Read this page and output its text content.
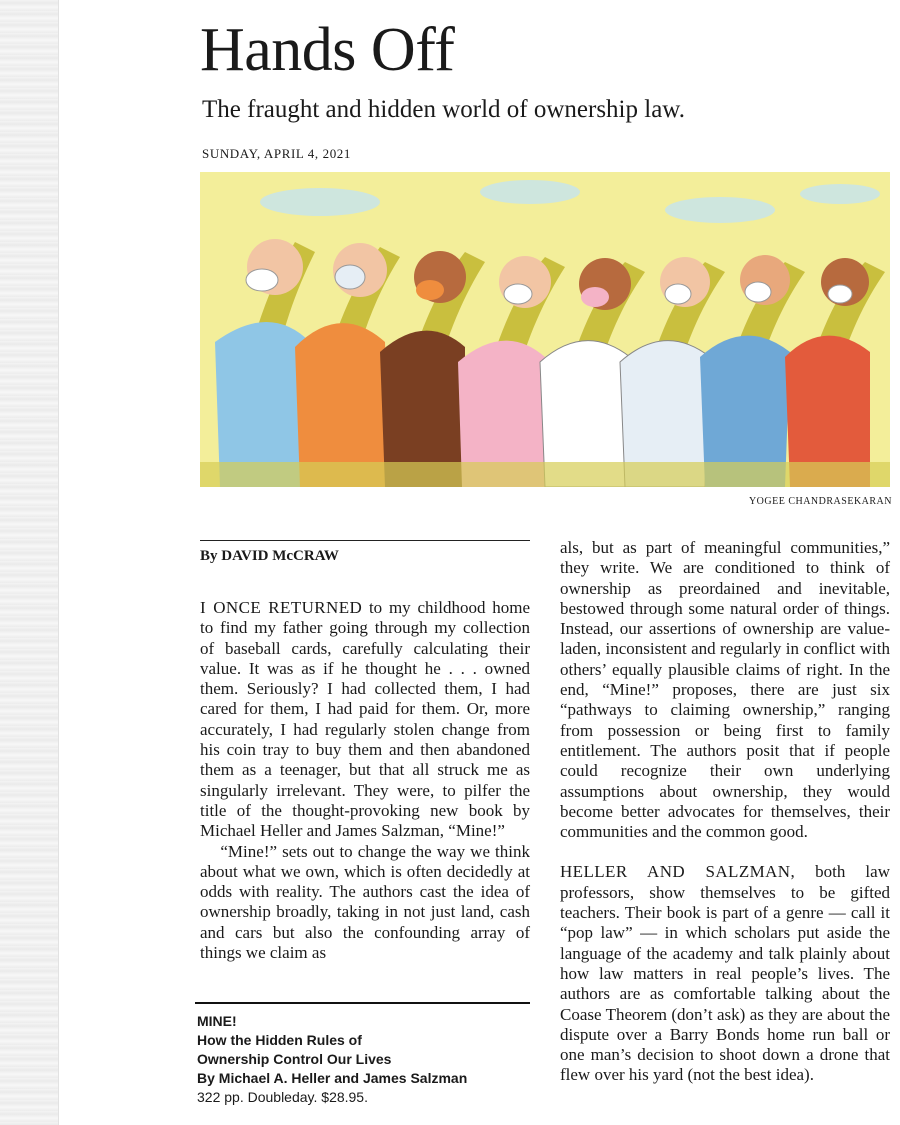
Hands Off
The fraught and hidden world of ownership law.

SUNDAY, APRIL 4, 2021

YOGEE CHANDRASEKARAN

By DAVID McCRAW

I ONCE RETURNED to my childhood home to find my father going through my collection of baseball cards, carefully calculating their value. It was as if he thought he . . . owned them. Seriously? I had collected them, I had cared for them, I had paid for them. Or, more accurately, I had regularly stolen change from his coin tray to buy them and then abandoned them as a teenager, but that all struck me as singularly irrelevant. They were, to pilfer the title of the thought-provoking new book by Michael Heller and James Salzman, “Mine!”

“Mine!” sets out to change the way we think about what we own, which is often decidedly at odds with reality. The authors cast the idea of ownership broadly, taking in not just land, cash and cars but also the confounding array of things we claim as

MINE!
How the Hidden Rules of
Ownership Control Our Lives
By Michael A. Heller and James Salzman
322 pp. Doubleday. $28.95.

als, but as part of meaningful communities,” they write. We are conditioned to think of ownership as preordained and inevitable, bestowed through some natural order of things. Instead, our assertions of ownership are value-laden, inconsistent and regularly in conflict with others’ equally plausible claims of right. In the end, “Mine!” proposes, there are just six “pathways to claiming ownership,” ranging from possession or being first to family entitlement. The authors posit that if people could recognize their own underlying assumptions about ownership, they would become better advocates for themselves, their communities and the common good.

HELLER AND SALZMAN, both law professors, show themselves to be gifted teachers. Their book is part of a genre — call it “pop law” — in which scholars put aside the language of the academy and talk plainly about how law matters in real people’s lives. The authors are as comfortable talking about the Coase Theorem (don’t ask) as they are about the dispute over a Barry Bonds home run ball or one man’s decision to shoot down a drone that flew over his yard (not the best idea).
